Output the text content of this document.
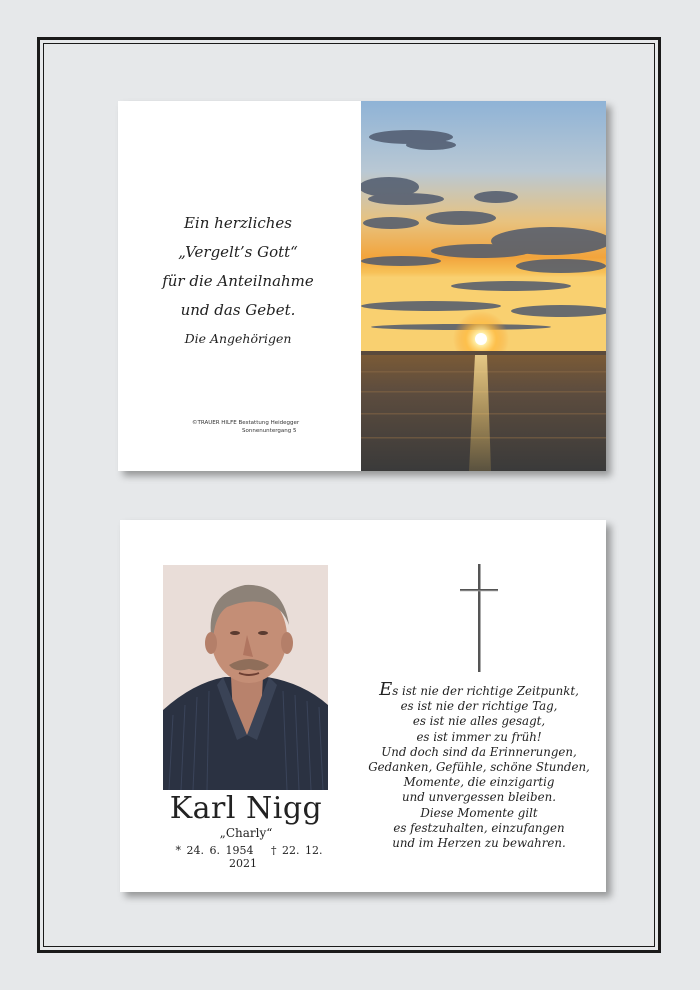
Ein herzliches
„Vergelt’s Gott“
für die Anteilnahme
und das Gebet.
Die Angehörigen
©TRAUER HILFE Bestattung Heidegger
Sonnenuntergang 5
Karl Nigg
„Charly“
* 24. 6. 1954 † 22. 12. 2021
Es ist nie der richtige Zeitpunkt,
es ist nie der richtige Tag,
es ist nie alles gesagt,
es ist immer zu früh!
Und doch sind da Erinnerungen,
Gedanken, Gefühle, schöne Stunden,
Momente, die einzigartig
und unvergessen bleiben.
Diese Momente gilt
es festzuhalten, einzufangen
und im Herzen zu bewahren.
